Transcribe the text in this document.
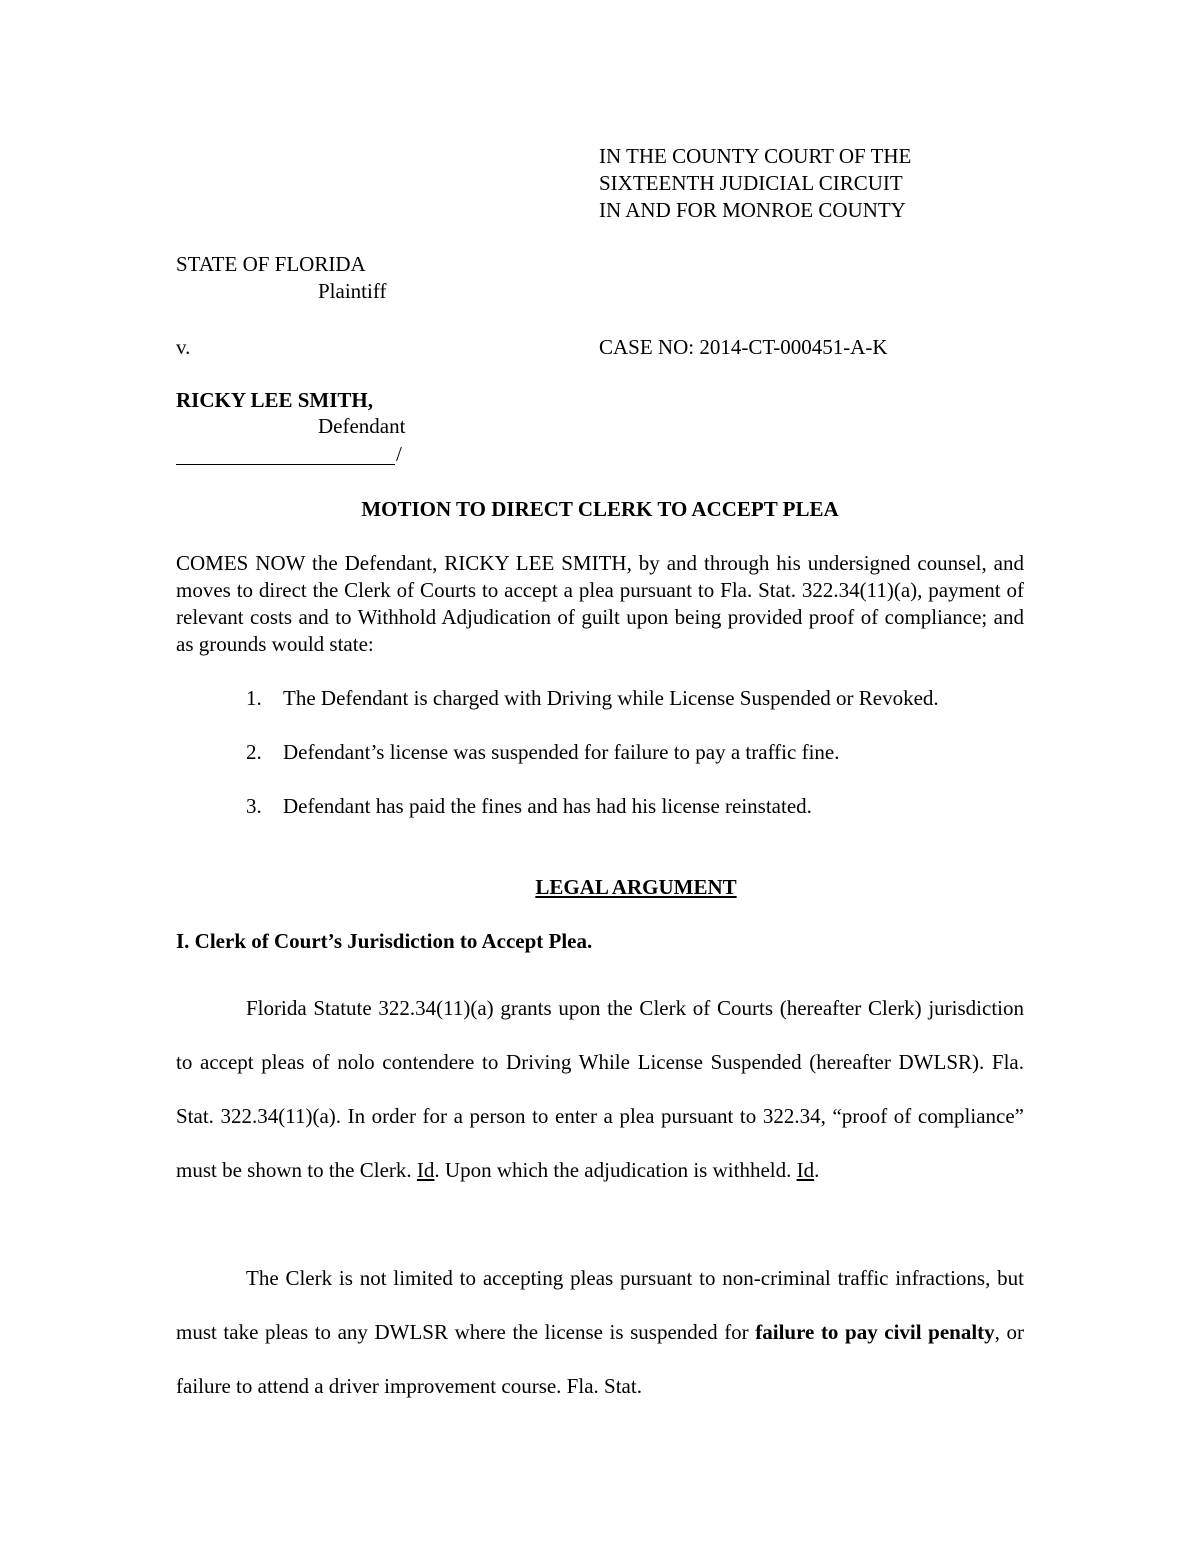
IN THE COUNTY COURT OF THE
SIXTEENTH JUDICIAL CIRCUIT
IN AND FOR MONROE COUNTY
STATE OF FLORIDA
Plaintiff
v.	CASE NO: 2014-CT-000451-A-K
RICKY LEE SMITH,
Defendant
/
MOTION TO DIRECT CLERK TO ACCEPT PLEA
COMES NOW the Defendant, RICKY LEE SMITH, by and through his undersigned counsel, and moves to direct the Clerk of Courts to accept a plea pursuant to Fla. Stat. 322.34(11)(a), payment of relevant costs and to Withhold Adjudication of guilt upon being provided proof of compliance; and as grounds would state:
1. The Defendant is charged with Driving while License Suspended or Revoked.
2. Defendant’s license was suspended for failure to pay a traffic fine.
3. Defendant has paid the fines and has had his license reinstated.
LEGAL ARGUMENT
I. Clerk of Court’s Jurisdiction to Accept Plea.
Florida Statute 322.34(11)(a) grants upon the Clerk of Courts (hereafter Clerk) jurisdiction to accept pleas of nolo contendere to Driving While License Suspended (hereafter DWLSR). Fla. Stat. 322.34(11)(a). In order for a person to enter a plea pursuant to 322.34, “proof of compliance” must be shown to the Clerk. Id. Upon which the adjudication is withheld. Id.
The Clerk is not limited to accepting pleas pursuant to non-criminal traffic infractions, but must take pleas to any DWLSR where the license is suspended for failure to pay civil penalty, or failure to attend a driver improvement course. Fla. Stat.
